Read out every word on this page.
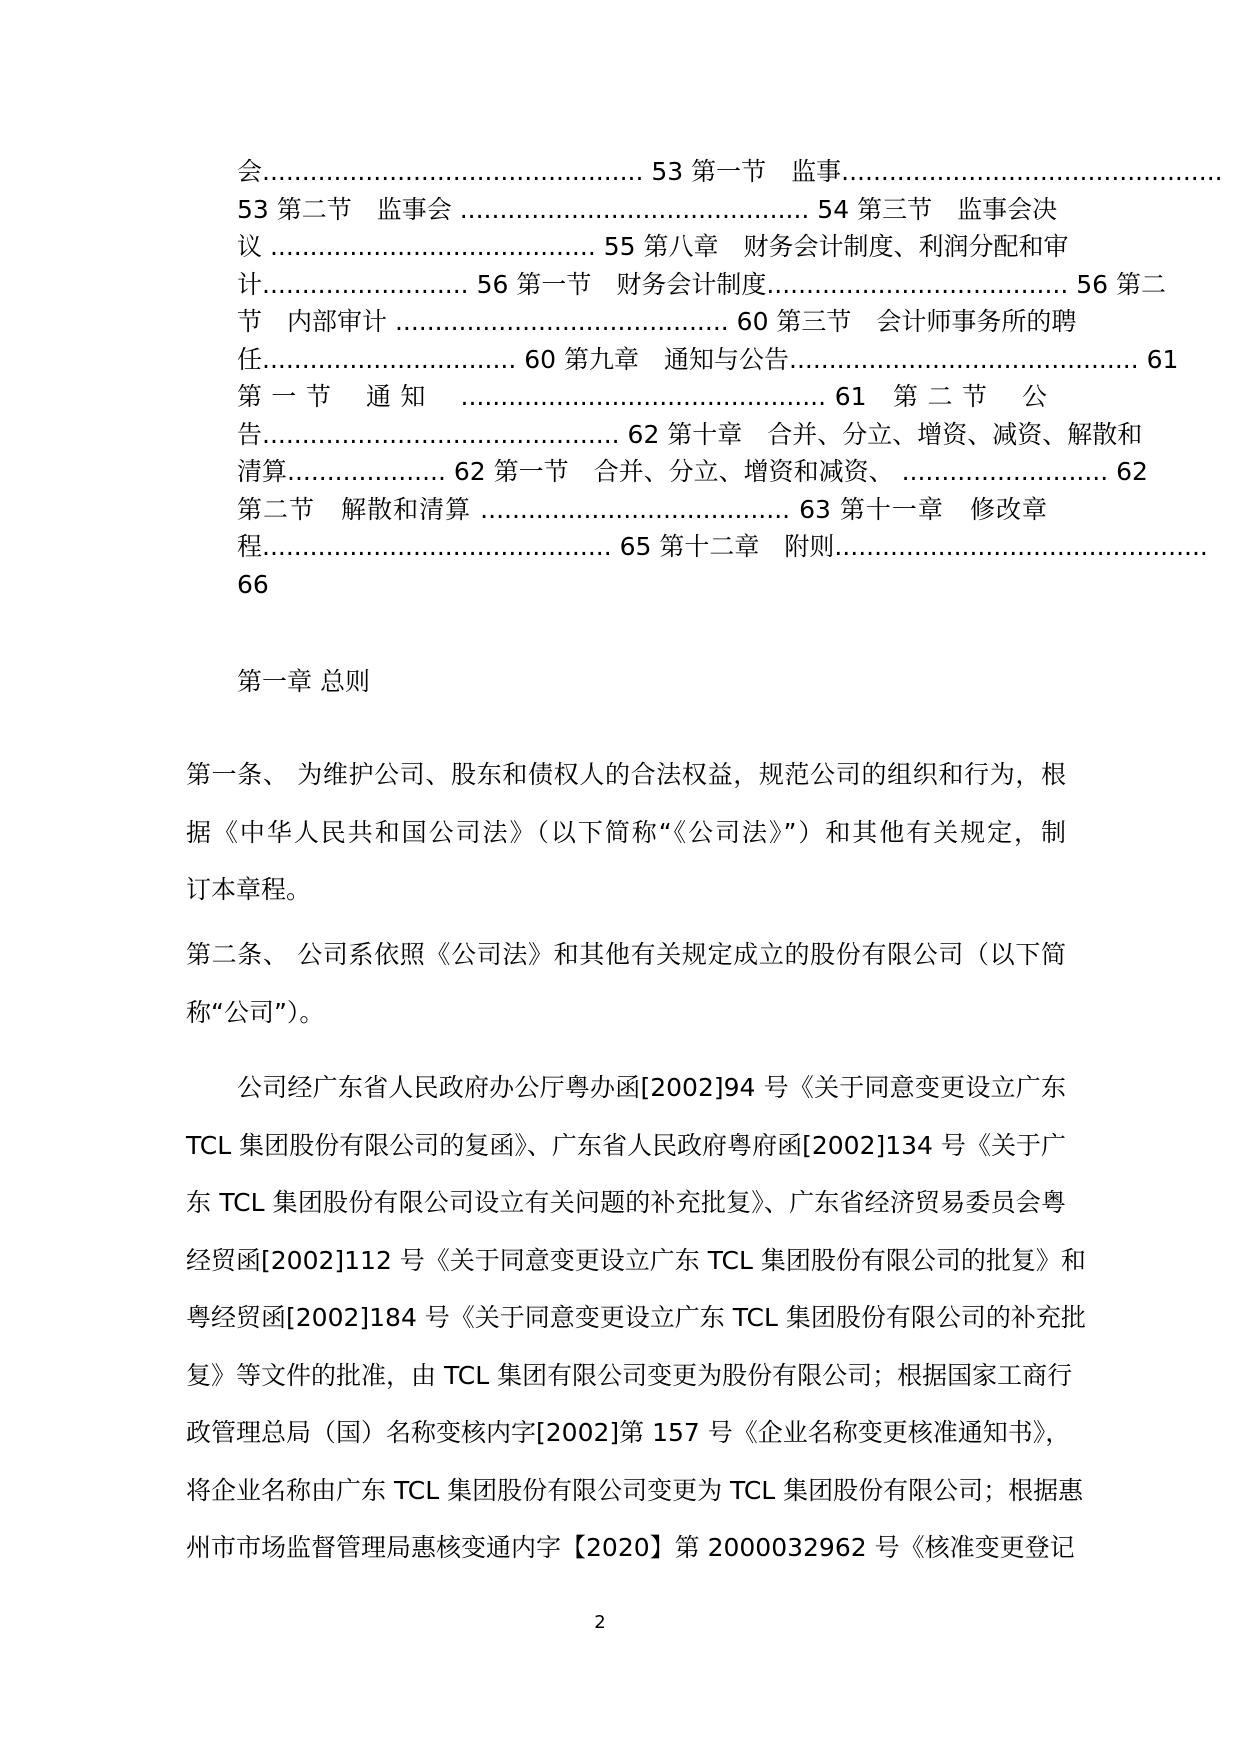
会................................................ 53 第一节　监事................................................
53 第二节　监事会 ............................................ 54 第三节　监事会决
议 ......................................... 55 第八章　财务会计制度、利润分配和审
计.......................... 56 第一节　财务会计制度...................................... 56 第二
节　内部审计 .......................................... 60 第三节　会计师事务所的聘
任................................ 60 第九章　通知与公告............................................ 61
第 一 节　 通 知　 .............................................. 61　第 二 节　 公
告............................................. 62 第十章　合并、分立、增资、减资、解散和
清算.................... 62 第一节　合并、分立、增资和减资、 .......................... 62
第二节　解散和清算 ....................................... 63 第十一章　修改章
程............................................ 65 第十二章　附则...............................................
66
第一章 总则
第一条、 为维护公司、股东和债权人的合法权益，规范公司的组织和行为，根
据《中华人民共和国公司法》（以下简称“《公司法》”）和其他有关规定，制
订本章程。
第二条、 公司系依照《公司法》和其他有关规定成立的股份有限公司（以下简
称“公司”）。
公司经广东省人民政府办公厅粤办函[2002]94 号《关于同意变更设立广东
TCL 集团股份有限公司的复函》、广东省人民政府粤府函[2002]134 号《关于广
东 TCL 集团股份有限公司设立有关问题的补充批复》、广东省经济贸易委员会粤
经贸函[2002]112 号《关于同意变更设立广东 TCL 集团股份有限公司的批复》和
粤经贸函[2002]184 号《关于同意变更设立广东 TCL 集团股份有限公司的补充批
复》等文件的批准，由 TCL 集团有限公司变更为股份有限公司；根据国家工商行
政管理总局（国）名称变核内字[2002]第 157 号《企业名称变更核准通知书》，
将企业名称由广东 TCL 集团股份有限公司变更为 TCL 集团股份有限公司；根据惠
州市市场监督管理局惠核变通内字【2020】第 2000032962 号《核准变更登记
2
